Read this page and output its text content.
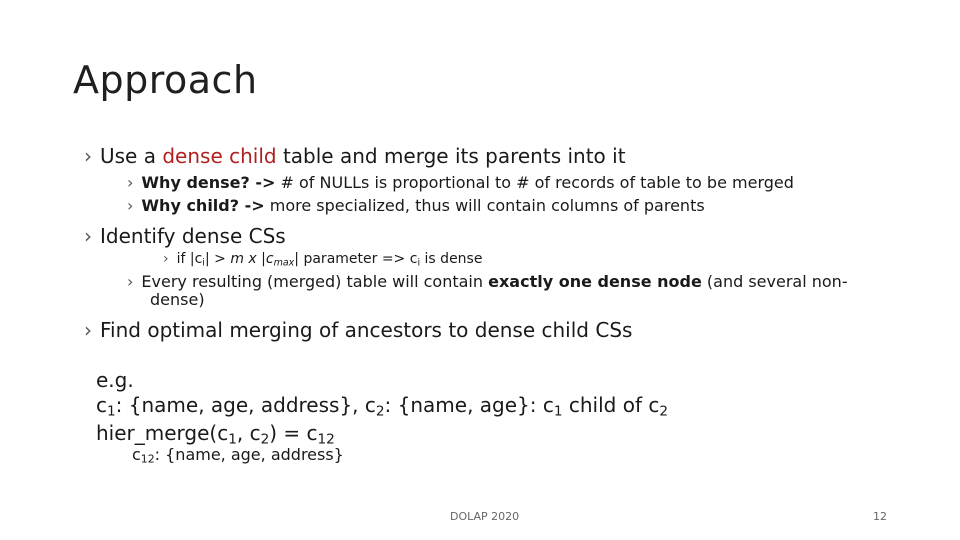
Approach
› Use a dense child table and merge its parents into it
› Why dense? -> # of NULLs is proportional to # of records of table to be merged
› Why child? -> more specialized, thus will contain columns of parents
› Identify dense CSs
› if $|c_i| > m$ x $|c_{max}|$ parameter => $c_i$ is dense
› Every resulting (merged) table will contain exactly one dense node (and several non-
dense)
› Find optimal merging of ancestors to dense child CSs
e.g.
$c_1$: {name, age, address}, $c_2$: {name, age}: $c_1$ child of $c_2$
$hier\_merge(c_1$, $c_2) = c_{12}$
$c_{12}$: {name, age, address}
DOLAP 2020	12
